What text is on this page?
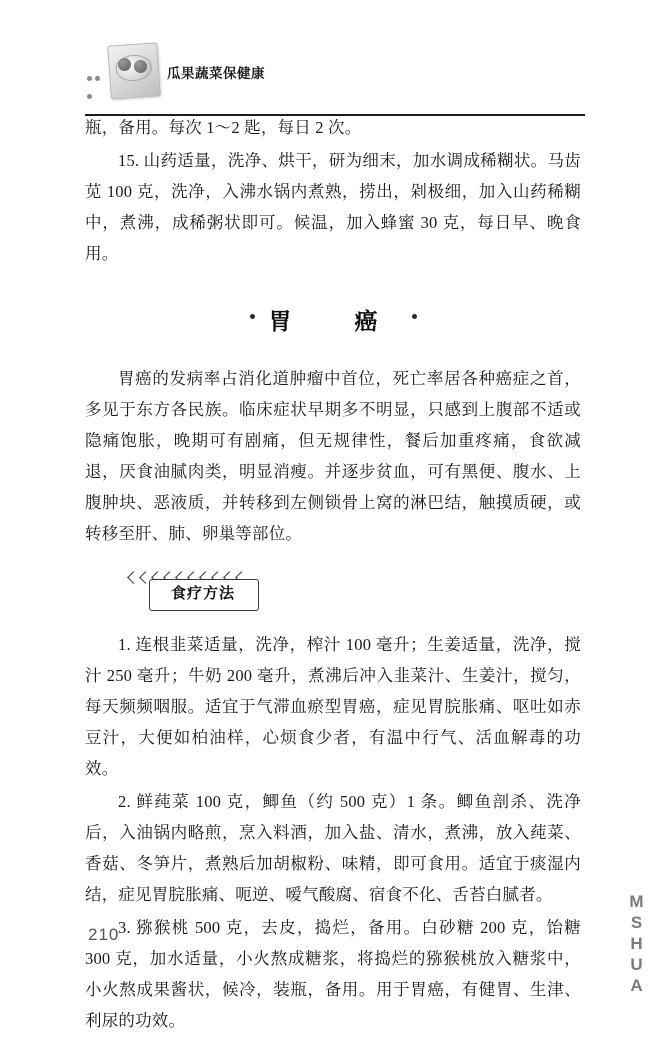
瓜果蔬菜保健康

瓶，备用。每次 1～2 匙，每日 2 次。

15. 山药适量，洗净、烘干，研为细末，加水调成稀糊状。马齿苋 100 克，洗净，入沸水锅内煮熟，捞出，剁极细，加入山药稀糊中，煮沸，成稀粥状即可。候温，加入蜂蜜 30 克，每日早、晚食用。

胃　癌

胃癌的发病率占消化道肿瘤中首位，死亡率居各种癌症之首，多见于东方各民族。临床症状早期多不明显，只感到上腹部不适或隐痛饱胀，晚期可有剧痛，但无规律性，餐后加重疼痛，食欲减退，厌食油腻肉类，明显消瘦。并逐步贫血，可有黑便、腹水、上腹肿块、恶液质，并转移到左侧锁骨上窝的淋巴结，触摸质硬，或转移至肝、肺、卵巢等部位。

食疗方法

1. 连根韭菜适量，洗净，榨汁 100 毫升；生姜适量，洗净，搅汁 250 毫升；牛奶 200 毫升，煮沸后冲入韭菜汁、生姜汁，搅匀，每天频频咽服。适宜于气滞血瘀型胃癌，症见胃脘胀痛、呕吐如赤豆汁，大便如柏油样，心烦食少者，有温中行气、活血解毒的功效。

2. 鲜莼菜 100 克，鲫鱼（约 500 克）1 条。鲫鱼剖杀、洗净后，入油锅内略煎，烹入料酒，加入盐、清水，煮沸，放入莼菜、香菇、冬笋片，煮熟后加胡椒粉、味精，即可食用。适宜于痰湿内结，症见胃脘胀痛、呃逆、嗳气酸腐、宿食不化、舌苔白腻者。

3. 猕猴桃 500 克，去皮，捣烂，备用。白砂糖 200 克，饴糖 300 克，加水适量，小火熬成糖浆，将捣烂的猕猴桃放入糖浆中，小火熬成果酱状，候冷，装瓶，备用。用于胃癌，有健胃、生津、利尿的功效。

210	MSHUA
